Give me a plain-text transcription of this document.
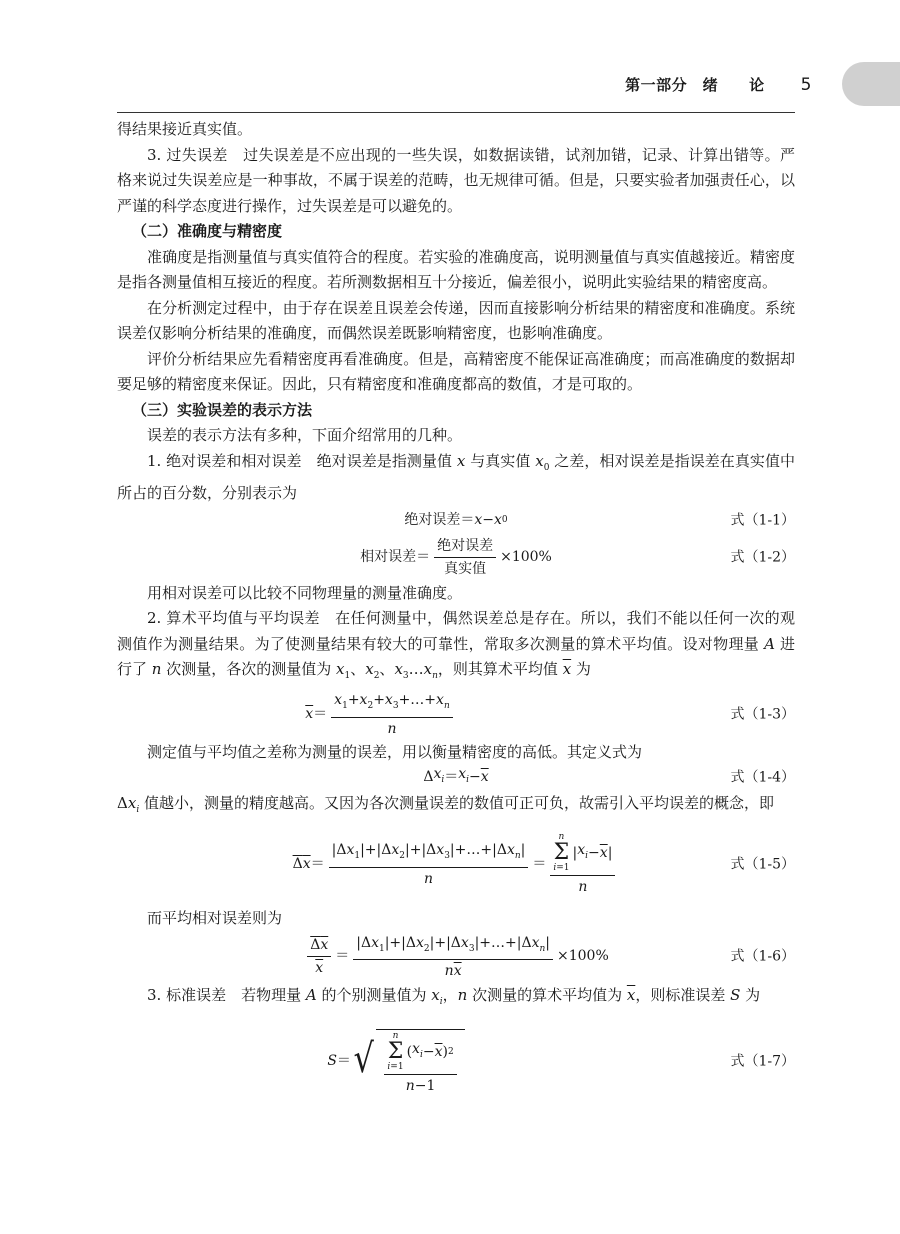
第一部分　绪　　论 5

得结果接近真实值。

3. 过失误差　过失误差是不应出现的一些失误，如数据读错，试剂加错，记录、计算出错等。严格来说过失误差应是一种事故，不属于误差的范畴，也无规律可循。但是，只要实验者加强责任心，以严谨的科学态度进行操作，过失误差是可以避免的。

（二）准确度与精密度

准确度是指测量值与真实值符合的程度。若实验的准确度高，说明测量值与真实值越接近。精密度是指各测量值相互接近的程度。若所测数据相互十分接近，偏差很小，说明此实验结果的精密度高。

在分析测定过程中，由于存在误差且误差会传递，因而直接影响分析结果的精密度和准确度。系统误差仅影响分析结果的准确度，而偶然误差既影响精密度，也影响准确度。

评价分析结果应先看精密度再看准确度。但是，高精密度不能保证高准确度；而高准确度的数据却要足够的精密度来保证。因此，只有精密度和准确度都高的数值，才是可取的。

（三）实验误差的表示方法

误差的表示方法有多种，下面介绍常用的几种。

1. 绝对误差和相对误差　绝对误差是指测量值 x 与真实值 $x_0$ 之差，相对误差是指误差在真实值中所占的百分数，分别表示为

绝对误差＝ x − x 0	式（1-1）
相对误差＝ $\frac{\text{绝对误差}}{\text{真实值}} \times 100\%$	式（1-2）

用相对误差可以比较不同物理量的测量准确度。

2. 算术平均值与平均误差　在任何测量中，偶然误差总是存在。所以，我们不能以任何一次的观测值作为测量结果。为了使测量结果有较大的可靠性，常取多次测量的算术平均值。设对物理量 A 进行了 n 次测量，各次的测量值为 $x_1$、$x_2$、$x_3\dots x_n$，则其算术平均值 $\overline{x}$ 为

$\overline{x} = \frac{x_1+x_2+x_3+\dots+x_n}{n}$	式（1-3）

测定值与平均值之差称为测量的误差，用以衡量精密度的高低。其定义式为

Δ $x_i = x_i - \overline{x}$	式（1-4）

$\Delta x_i$ 值越小，测量的精度越高。又因为各次测量误差的数值可正可负，故需引入平均误差的概念，即

$\Delta x = \frac{|\Delta x_1|+|\Delta x_2|+|\Delta x_3|+\dots+|\Delta x_n|}{n} = n$
Σ
i=1
| $x_i - \overline{x}$ |
n	式（1-5）

而平均相对误差则为

$\frac{\Delta x}{x} = \frac{|\Delta x_1|+|\Delta x_2|+|\Delta x_3|+\dots+|\Delta x_n|}{n\overline{x}} \times 100\%$	式（1-6）

3. 标准误差　若物理量 A 的个别测量值为 $x_i$，n 次测量的算术平均值为 $\overline{x}$，则标准误差 S 为

S ＝ √ n
Σ
i=1
( $x_i - \overline{x}$ ) 2
n−1	式（1-7）
